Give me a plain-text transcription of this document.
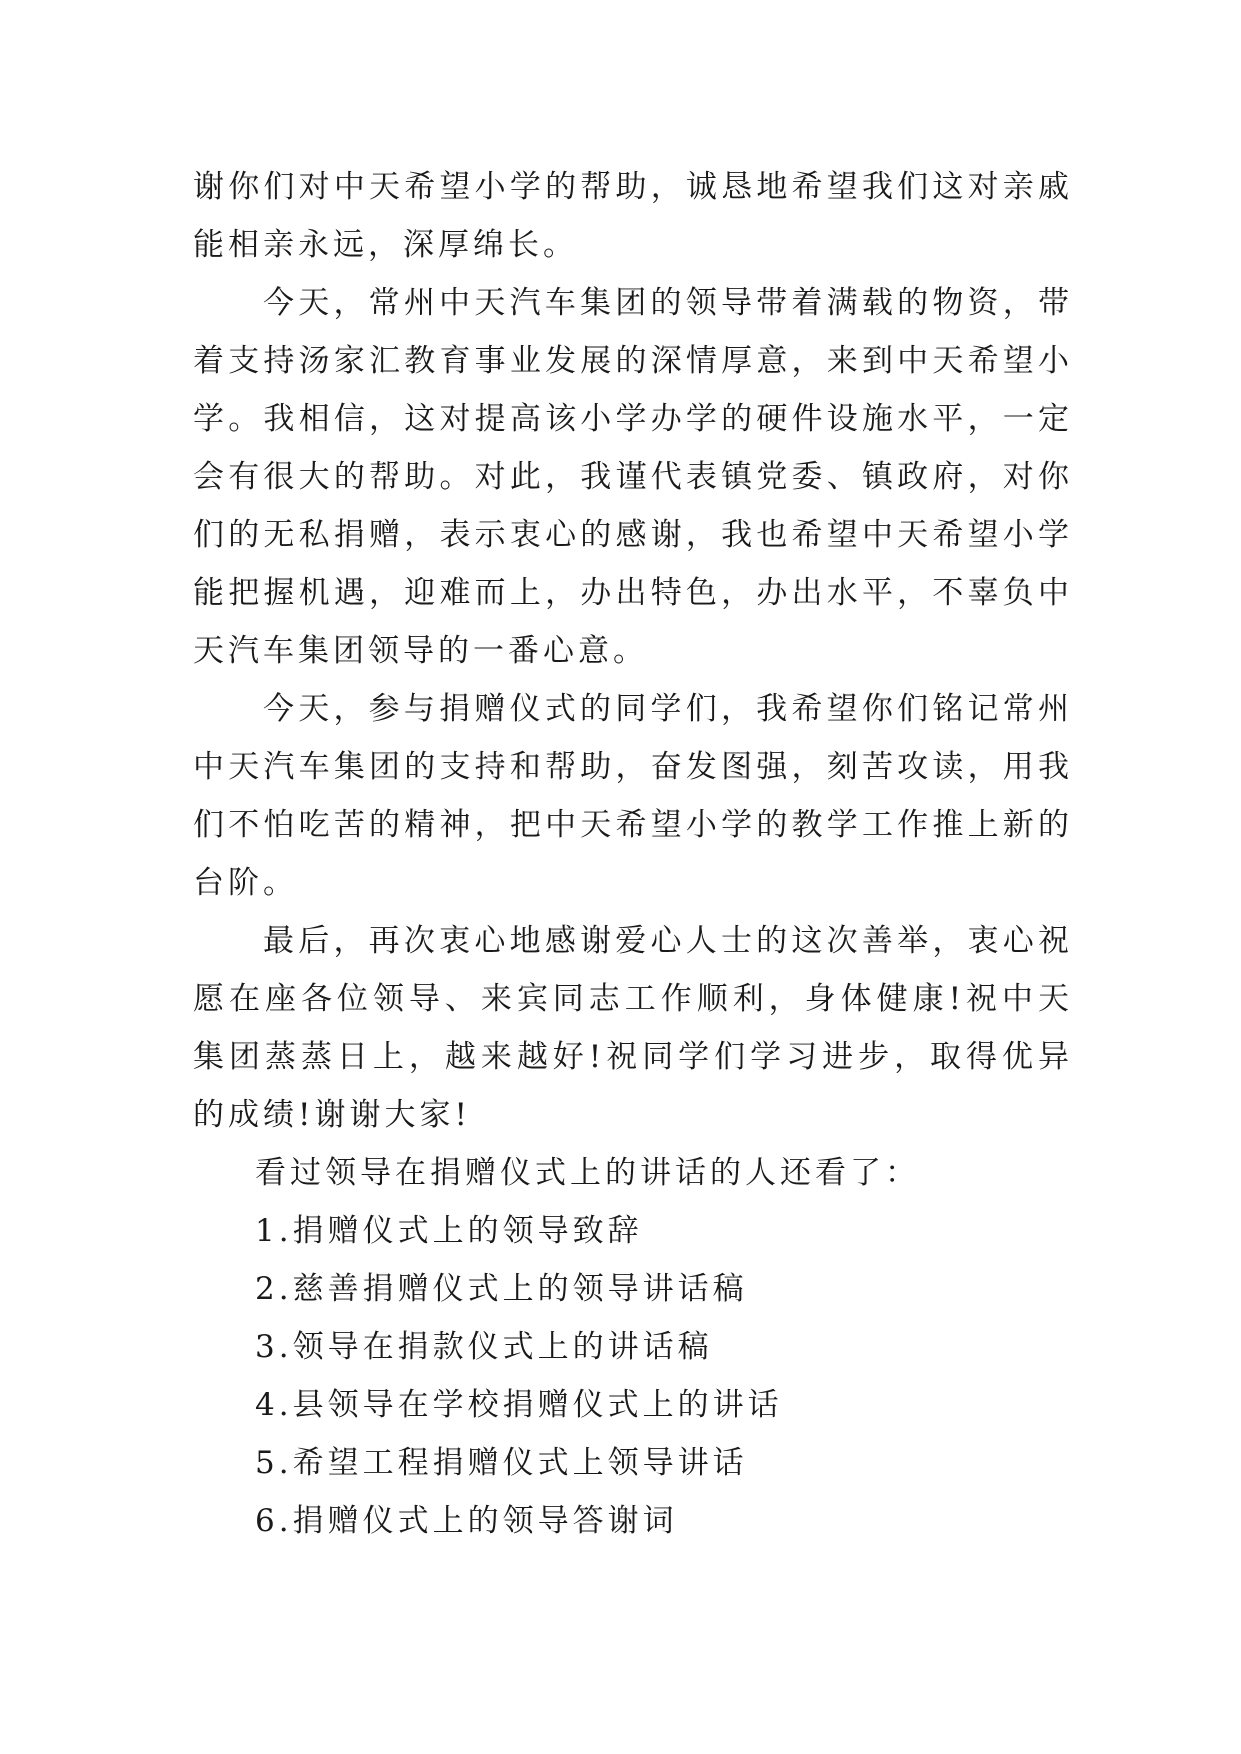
谢你们对中天希望小学的帮助，诚恳地希望我们这对亲戚能相亲永远，深厚绵长。

今天，常州中天汽车集团的领导带着满载的物资，带着支持汤家汇教育事业发展的深情厚意，来到中天希望小学。我相信，这对提高该小学办学的硬件设施水平，一定会有很大的帮助。对此，我谨代表镇党委、镇政府，对你们的无私捐赠，表示衷心的感谢，我也希望中天希望小学能把握机遇，迎难而上，办出特色，办出水平，不辜负中天汽车集团领导的一番心意。

今天，参与捐赠仪式的同学们，我希望你们铭记常州中天汽车集团的支持和帮助，奋发图强，刻苦攻读，用我们不怕吃苦的精神，把中天希望小学的教学工作推上新的台阶。

最后，再次衷心地感谢爱心人士的这次善举，衷心祝愿在座各位领导、来宾同志工作顺利，身体健康!祝中天集团蒸蒸日上，越来越好!祝同学们学习进步，取得优异的成绩!谢谢大家!

看过领导在捐赠仪式上的讲话的人还看了：

1.捐赠仪式上的领导致辞
2.慈善捐赠仪式上的领导讲话稿
3.领导在捐款仪式上的讲话稿
4.县领导在学校捐赠仪式上的讲话
5.希望工程捐赠仪式上领导讲话
6.捐赠仪式上的领导答谢词
